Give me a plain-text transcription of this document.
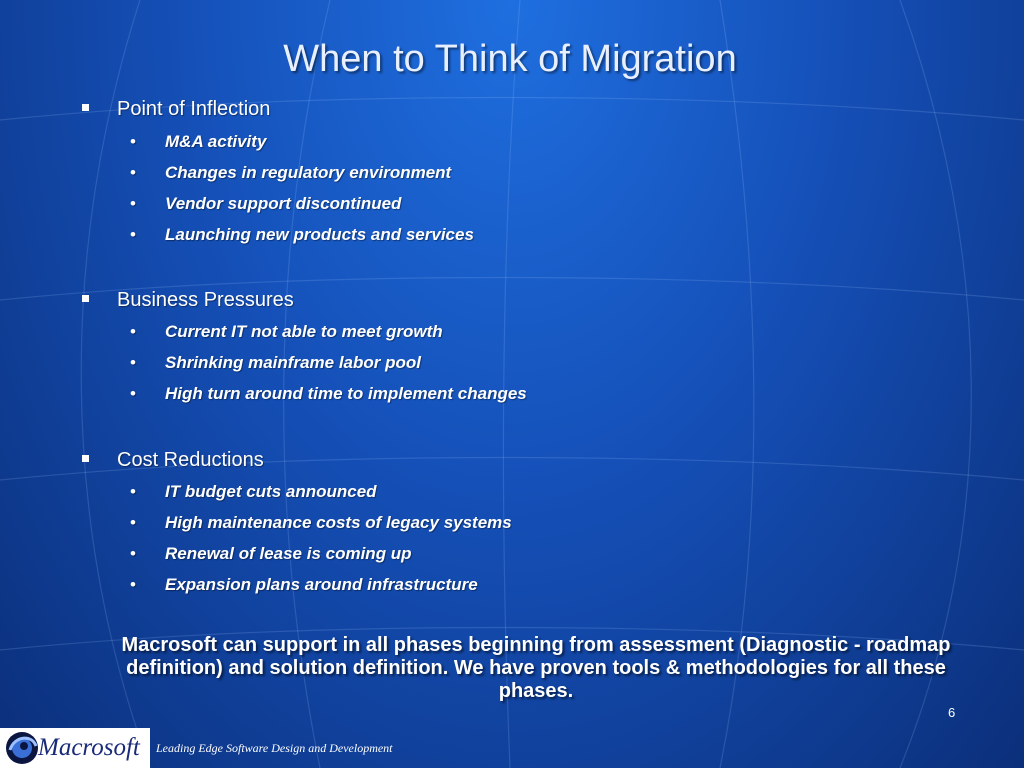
When to Think of Migration
Point of Inflection
• M&A activity
• Changes in regulatory environment
• Vendor support discontinued
• Launching new products and services
Business Pressures
• Current IT not able to meet growth
• Shrinking mainframe labor pool
• High turn around time to implement changes
Cost Reductions
• IT budget cuts announced
• High maintenance costs of legacy systems
• Renewal of lease is coming up
• Expansion plans around infrastructure
Macrosoft can support in all phases beginning from assessment (Diagnostic - roadmap definition) and solution definition. We have proven tools & methodologies for all these phases.
6
Macrosoft Leading Edge Software Design and Development
